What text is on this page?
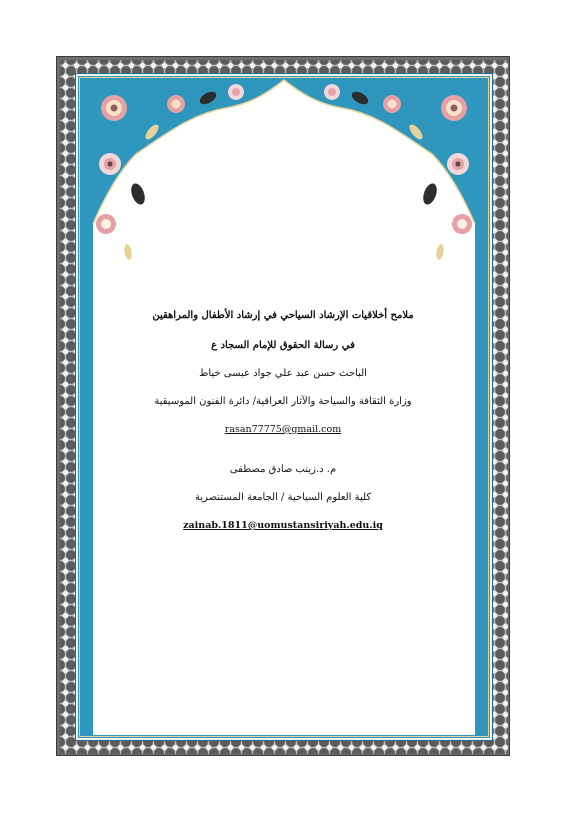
ملامح أخلاقيات الإرشاد السياحي في إرشاد الأطفال والمراهقين
في رسالة الحقوق للإمام السجاد ع
الباحث حسن عبد علي جواد عيسى خياط
وزارة الثقافة والسياحة والآثار العراقية/ دائرة الفنون الموسيقية
rasan77775@gmail.com
م. د.زينب صادق مصطفى
كلية العلوم السياحية / الجامعة المستنصرية
zainab.1811@uomustansiriyah.edu.iq
